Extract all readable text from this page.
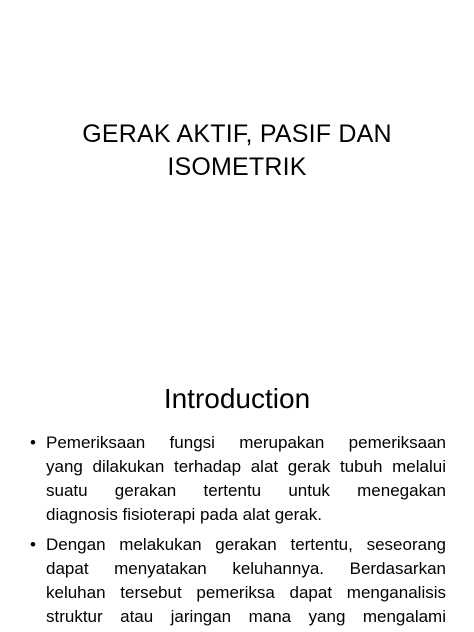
GERAK AKTIF, PASIF DAN
ISOMETRIK
Introduction
• Pemeriksaan fungsi merupakan pemeriksaan
yang dilakukan terhadap alat gerak tubuh melalui
suatu gerakan tertentu untuk menegakan
diagnosis fisioterapi pada alat gerak.
• Dengan melakukan gerakan tertentu, seseorang
dapat menyatakan keluhannya. Berdasarkan
keluhan tersebut pemeriksa dapat menganalisis
struktur atau jaringan mana yang mengalami
